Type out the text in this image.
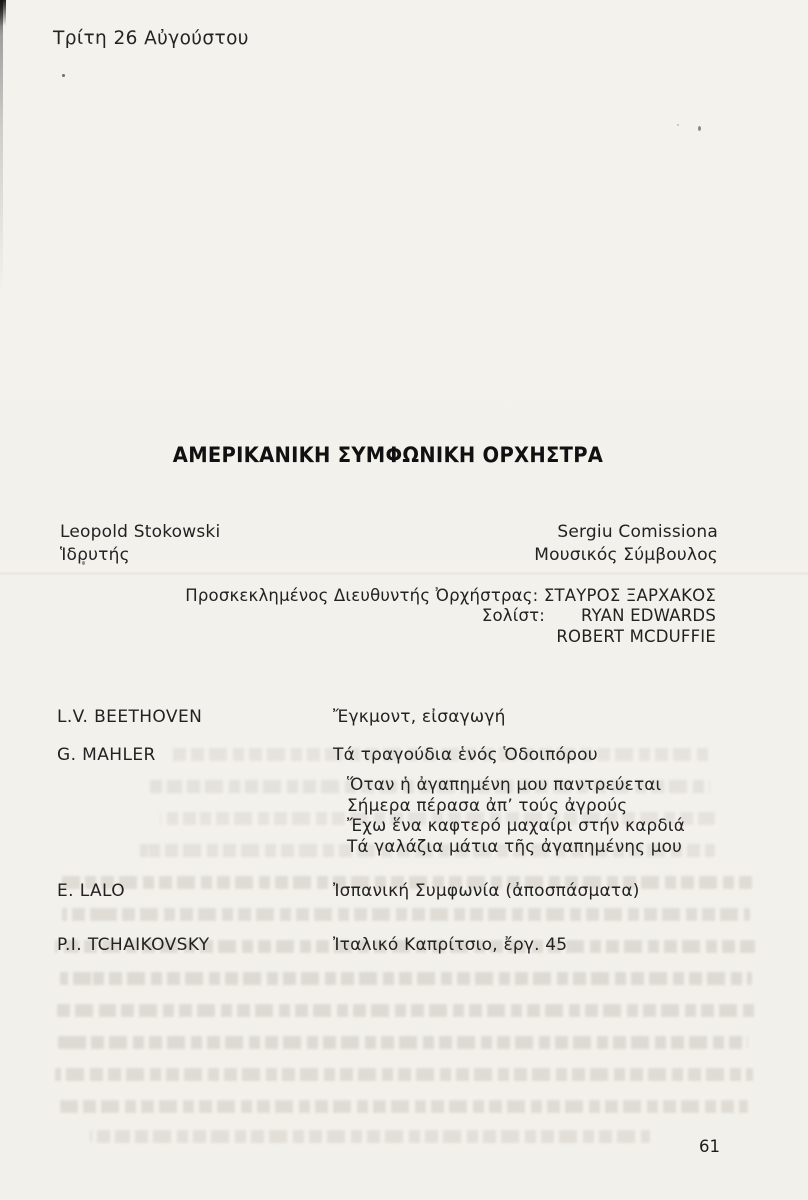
Τρίτη 26 Αὐγούστου
ΑΜΕΡΙΚΑΝΙΚΗ ΣΥΜΦΩΝΙΚΗ ΟΡΧΗΣΤΡΑ
Leopold Stokowski
Ἱδρυτής
Sergiu Comissiona
Μουσικός Σύμβουλος
Προσκεκλημένος Διευθυντής Ὀρχήστρας: ΣΤΑΥΡΟΣ ΞΑΡΧΑΚΟΣ
Σολίστ: RYAN EDWARDS
ROBERT MCDUFFIE
L.V. BEETHOVEN	Ἔγκμοντ, εἰσαγωγή
G. MAHLER	Τά τραγούδια ἑνός Ὁδοιπόρου
Ὅταν ἡ ἀγαπημένη μου παντρεύεται
Σήμερα πέρασα ἀπ’ τούς ἀγρούς
Ἔχω ἕνα καφτερό μαχαίρι στήν καρδιά
Τά γαλάζια μάτια τῆς ἀγαπημένης μου
E. LALO	Ἰσπανική Συμφωνία (ἀποσπάσματα)
P.I. TCHAIKOVSKY	Ἰταλικό Καπρίτσιο, ἔργ. 45
61
